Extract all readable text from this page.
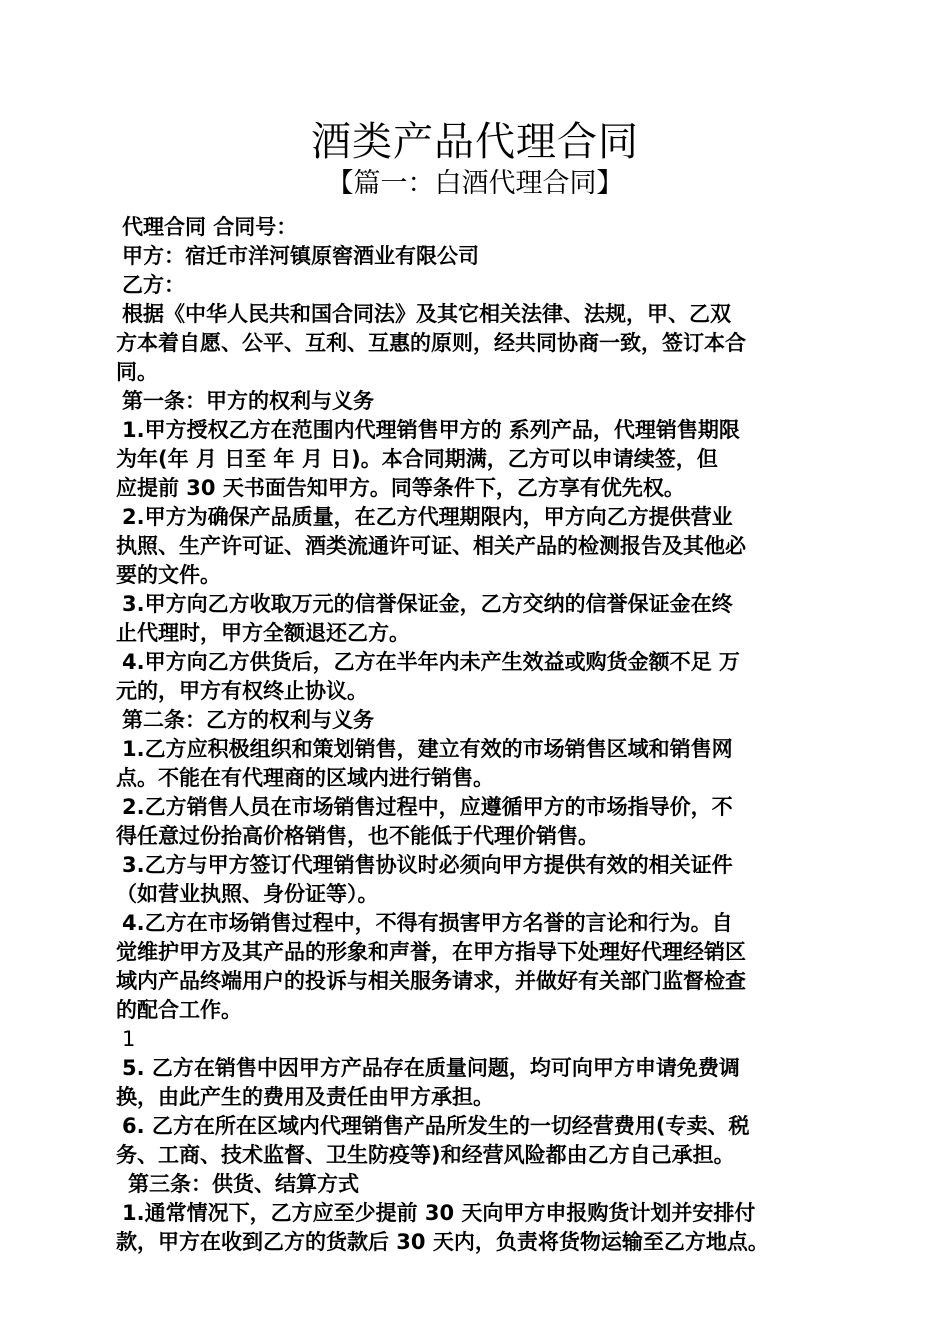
酒类产品代理合同
【篇一：白酒代理合同】
代理合同 合同号：
甲方：宿迁市洋河镇原窖酒业有限公司
乙方：
根据《中华人民共和国合同法》及其它相关法律、法规，甲、乙双
方本着自愿、公平、互利、互惠的原则，经共同协商一致，签订本合
同。
第一条：甲方的权利与义务
1.甲方授权乙方在范围内代理销售甲方的 系列产品，代理销售期限
为年(年 月 日至 年 月 日)。本合同期满，乙方可以申请续签，但
应提前 30 天书面告知甲方。同等条件下，乙方享有优先权。
2.甲方为确保产品质量，在乙方代理期限内，甲方向乙方提供营业
执照、生产许可证、酒类流通许可证、相关产品的检测报告及其他必
要的文件。
3.甲方向乙方收取万元的信誉保证金，乙方交纳的信誉保证金在终
止代理时，甲方全额退还乙方。
4.甲方向乙方供货后，乙方在半年内未产生效益或购货金额不足 万
元的，甲方有权终止协议。
第二条：乙方的权利与义务
1.乙方应积极组织和策划销售，建立有效的市场销售区域和销售网
点。不能在有代理商的区域内进行销售。
2.乙方销售人员在市场销售过程中，应遵循甲方的市场指导价，不
得任意过份抬高价格销售，也不能低于代理价销售。
3.乙方与甲方签订代理销售协议时必须向甲方提供有效的相关证件
（如营业执照、身份证等）。
4.乙方在市场销售过程中，不得有损害甲方名誉的言论和行为。自
觉维护甲方及其产品的形象和声誉，在甲方指导下处理好代理经销区
域内产品终端用户的投诉与相关服务请求，并做好有关部门监督检查
的配合工作。
1
5. 乙方在销售中因甲方产品存在质量问题，均可向甲方申请免费调
换，由此产生的费用及责任由甲方承担。
6. 乙方在所在区域内代理销售产品所发生的一切经营费用(专卖、税
务、工商、技术监督、卫生防疫等)和经营风险都由乙方自己承担。
第三条：供货、结算方式
1.通常情况下，乙方应至少提前 30 天向甲方申报购货计划并安排付
款，甲方在收到乙方的货款后 30 天内，负责将货物运输至乙方地点。
